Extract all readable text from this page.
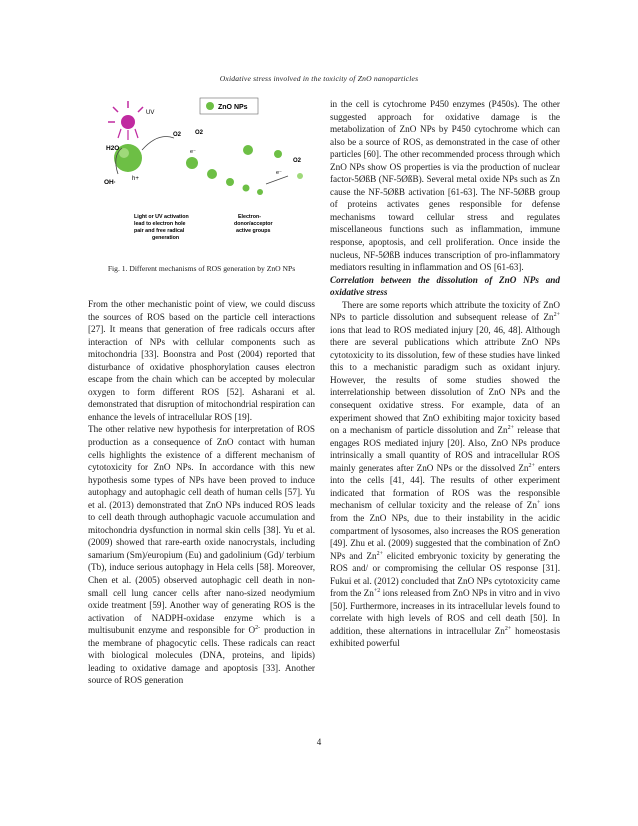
Oxidative stress involved in the toxicity of ZnO nanoparticles
UV
ZnO NPs
H2O
OH·	h+
O2
e⁻
O2
e⁻
O2
Light or UV activation
lead to electron hole
pair and free radical
generation
Electron-
donor/acceptor
active groups
Fig. 1. Different mechanisms of ROS generation by ZnO NPs

From the other mechanistic point of view, we could discuss the sources of ROS based on the particle cell interactions [27]. It means that generation of free radicals occurs after interaction of NPs with cellular components such as mitochondria [33]. Boonstra and Post (2004) reported that disturbance of oxidative phosphorylation causes electron escape from the chain which can be accepted by molecular oxygen to form different ROS [52]. Asharani et al. demonstrated that disruption of mitochondrial respiration can enhance the levels of intracellular ROS [19].

The other relative new hypothesis for interpretation of ROS production as a consequence of ZnO contact with human cells highlights the existence of a different mechanism of cytotoxicity for ZnO NPs. In accordance with this new hypothesis some types of NPs have been proved to induce autophagy and autophagic cell death of human cells [57]. Yu et al. (2013) demonstrated that ZnO NPs induced ROS leads to cell death through authophagic vacuole accumulation and mitochondria dysfunction in normal skin cells [38]. Yu et al. (2009) showed that rare-earth oxide nanocrystals, including samarium (Sm)/europium (Eu) and gadolinium (Gd)/ terbium (Tb), induce serious autophagy in Hela cells [58]. Moreover, Chen et al. (2005) observed autophagic cell death in non-small cell lung cancer cells after nano-sized neodymium oxide treatment [59]. Another way of generating ROS is the activation of NADPH-oxidase enzyme which is a multisubunit enzyme and responsible for $O^{2-}$ production in the membrane of phagocytic cells. These radicals can react with biological molecules (DNA, proteins, and lipids) leading to oxidative damage and apoptosis [33]. Another source of ROS generation

in the cell is cytochrome P450 enzymes (P450s). The other suggested approach for oxidative damage is the metabolization of ZnO NPs by P450 cytochrome which can also be a source of ROS, as demonstrated in the case of other particles [60]. The other recommended process through which ZnO NPs show OS properties is via the production of nuclear factor-5ØßB (NF-5ØßB). Several metal oxide NPs such as Zn cause the NF-5ØßB activation [61-63]. The NF-5ØßB group of proteins activates genes responsible for defense mechanisms toward cellular stress and regulates miscellaneous functions such as inflammation, immune response, apoptosis, and cell proliferation. Once inside the nucleus, NF-5ØßB induces transcription of pro-inflammatory mediators resulting in inflammation and OS [61-63].

Correlation between the dissolution of ZnO NPs and oxidative stress

There are some reports which attribute the toxicity of ZnO NPs to particle dissolution and subsequent release of $Zn^{2+}$ ions that lead to ROS mediated injury [20, 46, 48]. Although there are several publications which attribute ZnO NPs cytotoxicity to its dissolution, few of these studies have linked this to a mechanistic paradigm such as oxidant injury. However, the results of some studies showed the interrelationship between dissolution of ZnO NPs and the consequent oxidative stress. For example, data of an experiment showed that ZnO exhibiting major toxicity based on a mechanism of particle dissolution and $Zn^{2+}$ release that engages ROS mediated injury [20]. Also, ZnO NPs produce intrinsically a small quantity of ROS and intracellular ROS mainly generates after ZnO NPs or the dissolved $Zn^{2+}$ enters into the cells [41, 44]. The results of other experiment indicated that formation of ROS was the responsible mechanism of cellular toxicity and the release of Zn+ ions from the ZnO NPs, due to their instability in the acidic compartment of lysosomes, also increases the ROS generation [49]. Zhu et al. (2009) suggested that the combination of ZnO NPs and $Zn^{2+}$ elicited embryonic toxicity by generating the ROS and/ or compromising the cellular OS response [31]. Fukui et al. (2012) concluded that ZnO NPs cytotoxicity came from the $Zn^{+2}$ ions released from ZnO NPs in vitro and in vivo [50]. Furthermore, increases in its intracellular levels found to correlate with high levels of ROS and cell death [50]. In addition, these alternations in intracellular $Zn^{2+}$ homeostasis exhibited powerful

4
